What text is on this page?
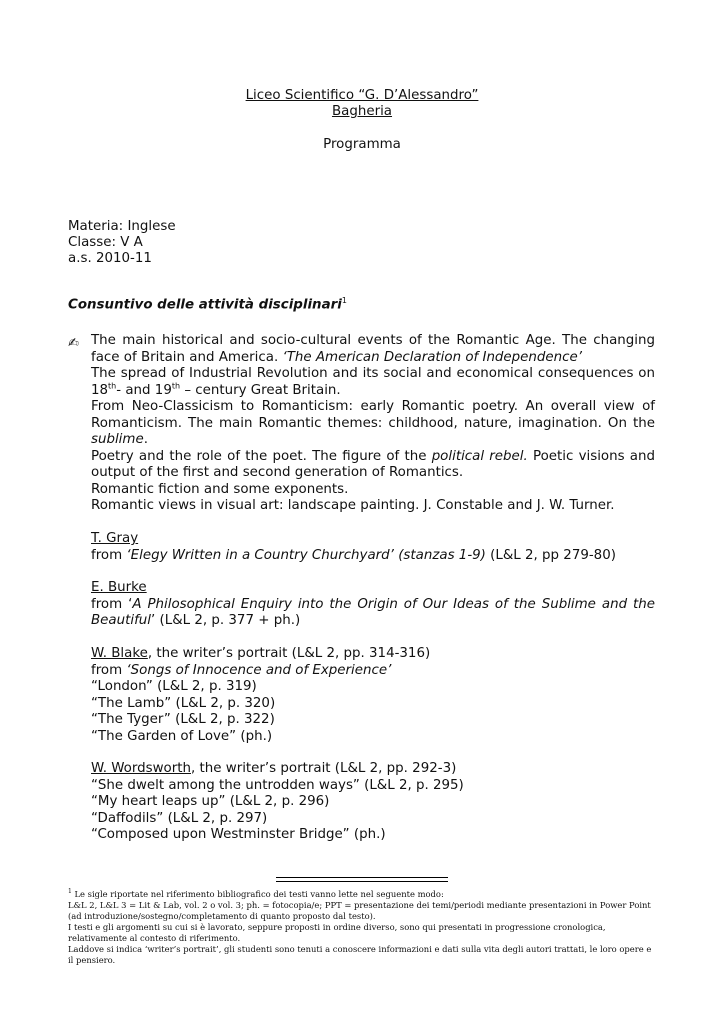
Liceo Scientifico “G. D’Alessandro”
Bagheria
Programma
Materia: Inglese
Classe: V A
a.s. 2010-11
Consuntivo delle attività disciplinari$^1$
✍ The main historical and socio-cultural events of the Romantic Age. The changing face of Britain and America. ‘The American Declaration of Independence’

The spread of Industrial Revolution and its social and economical consequences on 18th- and 19th – century Great Britain.

From Neo-Classicism to Romanticism: early Romantic poetry. An overall view of Romanticism. The main Romantic themes: childhood, nature, imagination. On the sublime.

Poetry and the role of the poet. The figure of the political rebel. Poetic visions and output of the first and second generation of Romantics.

Romantic fiction and some exponents.

Romantic views in visual art: landscape painting. J. Constable and J. W. Turner.

T. Gray

from ‘Elegy Written in a Country Churchyard’ (stanzas 1-9) (L&L 2, pp 279-80)

E. Burke

from ‘A Philosophical Enquiry into the Origin of Our Ideas of the Sublime and the Beautiful’ (L&L 2, p. 377 + ph.)

W. Blake, the writer’s portrait (L&L 2, pp. 314-316)

from ‘Songs of Innocence and of Experience’

“London” (L&L 2, p. 319)

“The Lamb” (L&L 2, p. 320)

“The Tyger” (L&L 2, p. 322)

“The Garden of Love” (ph.)

W. Wordsworth, the writer’s portrait (L&L 2, pp. 292-3)

“She dwelt among the untrodden ways” (L&L 2, p. 295)

“My heart leaps up” (L&L 2, p. 296)

“Daffodils” (L&L 2, p. 297)

“Composed upon Westminster Bridge” (ph.)

$^1$ Le sigle riportate nel riferimento bibliografico dei testi vanno lette nel seguente modo:

L&L 2, L&L 3 = Lit & Lab, vol. 2 o vol. 3; ph. = fotocopia/e; PPT = presentazione dei temi/periodi mediante presentazioni in Power Point (ad introduzione/sostegno/completamento di quanto proposto dal testo).

I testi e gli argomenti su cui si è lavorato, seppure proposti in ordine diverso, sono qui presentati in progressione cronologica, relativamente al contesto di riferimento.

Laddove si indica ‘writer’s portrait’, gli studenti sono tenuti a conoscere informazioni e dati sulla vita degli autori trattati, le loro opere e il pensiero.
